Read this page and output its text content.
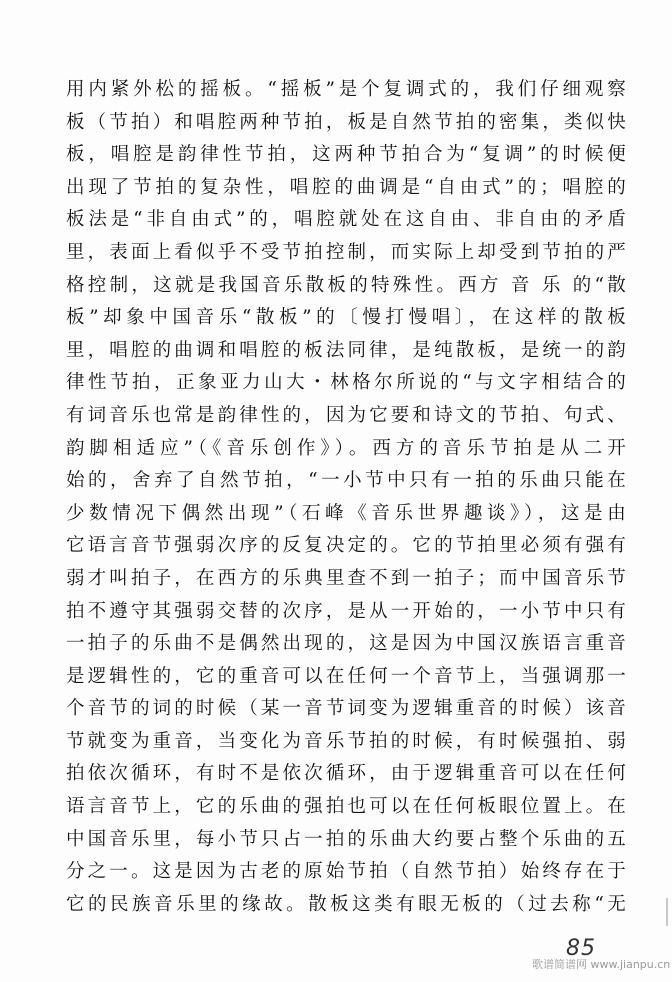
用内紧外松的摇板。“摇板”是个复调式的，我们仔细观察
板（节拍）和唱腔两种节拍，板是自然节拍的密集，类似快
板，唱腔是韵律性节拍，这两种节拍合为“复调”的时候便
出现了节拍的复杂性，唱腔的曲调是“自由式”的；唱腔的
板法是“非自由式”的，唱腔就处在这自由、非自由的矛盾
里，表面上看似乎不受节拍控制，而实际上却受到节拍的严
格控制，这就是我国音乐散板的特殊性。西方 音 乐 的“散
板”却象中国音乐“散板”的〔慢打慢唱〕，在这样的散板
里，唱腔的曲调和唱腔的板法同律，是纯散板，是统一的韵
律性节拍，正象亚力山大・林格尔所说的“与文字相结合的
有词音乐也常是韵律性的，因为它要和诗文的节拍、句式、
韵脚相适应”（《音乐创作》）。西方的音乐节拍是从二开
始的，舍弃了自然节拍，“一小节中只有一拍的乐曲只能在
少数情况下偶然出现”（石峰《音乐世界趣谈》），这是由
它语言音节强弱次序的反复决定的。它的节拍里必须有强有
弱才叫拍子，在西方的乐典里查不到一拍子；而中国音乐节
拍不遵守其强弱交替的次序，是从一开始的，一小节中只有
一拍子的乐曲不是偶然出现的，这是因为中国汉族语言重音
是逻辑性的，它的重音可以在任何一个音节上，当强调那一
个音节的词的时候（某一音节词变为逻辑重音的时候）该音
节就变为重音，当变化为音乐节拍的时候，有时候强拍、弱
拍依次循环，有时不是依次循环，由于逻辑重音可以在任何
语言音节上，它的乐曲的强拍也可以在任何板眼位置上。在
中国音乐里，每小节只占一拍的乐曲大约要占整个乐曲的五
分之一。这是因为古老的原始节拍（自然节拍）始终存在于
它的民族音乐里的缘故。散板这类有眼无板的（过去称“无
85
歌谱简谱网 www.jianpu.cn
